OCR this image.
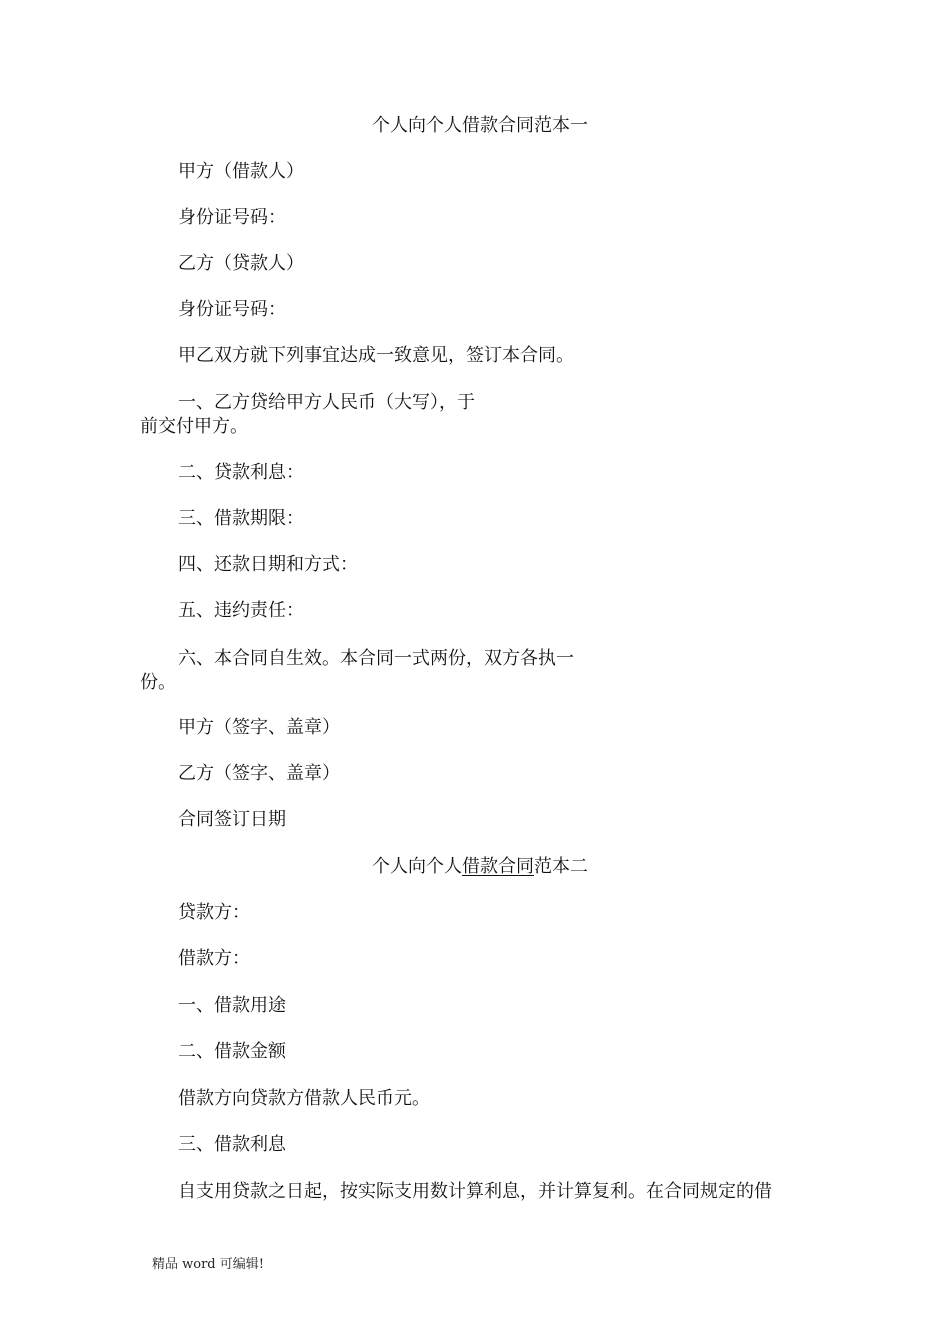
个人向个人借款合同范本一
甲方（借款人）
身份证号码：
乙方（贷款人）
身份证号码：
甲乙双方就下列事宜达成一致意见，签订本合同。
一、乙方贷给甲方人民币（大写），于
前交付甲方。
二、贷款利息：
三、借款期限：
四、还款日期和方式：
五、违约责任：
六、本合同自生效。本合同一式两份，双方各执一
份。
甲方（签字、盖章）
乙方（签字、盖章）
合同签订日期
个人向个人借款合同范本二
贷款方：
借款方：
一、借款用途
二、借款金额
借款方向贷款方借款人民币元。
三、借款利息
自支用贷款之日起，按实际支用数计算利息，并计算复利。在合同规定的借
精品 word 可编辑!
